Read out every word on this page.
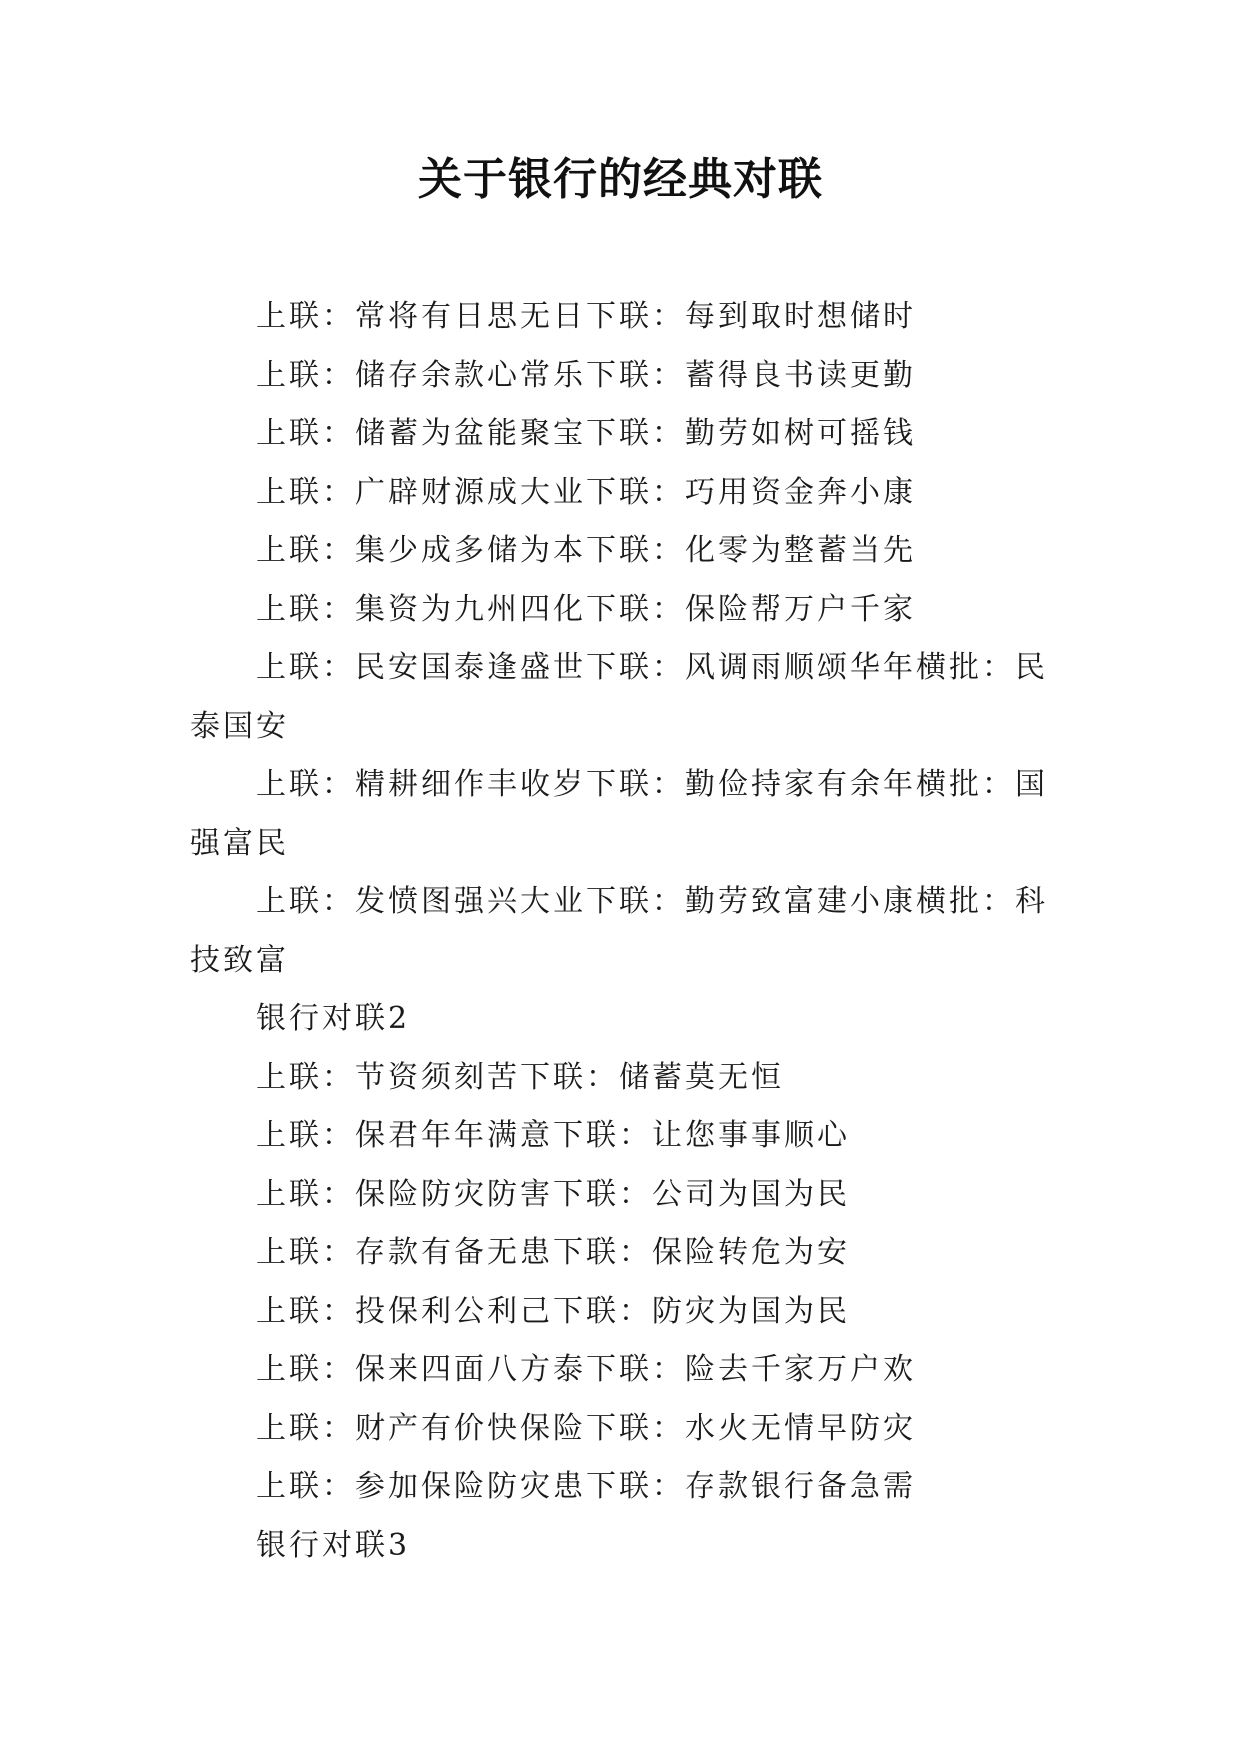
关于银行的经典对联

上联：常将有日思无日下联：每到取时想储时

上联：储存余款心常乐下联：蓄得良书读更勤

上联：储蓄为盆能聚宝下联：勤劳如树可摇钱

上联：广辟财源成大业下联：巧用资金奔小康

上联：集少成多储为本下联：化零为整蓄当先

上联：集资为九州四化下联：保险帮万户千家

上联：民安国泰逢盛世下联：风调雨顺颂华年横批：民泰国安

上联：精耕细作丰收岁下联：勤俭持家有余年横批：国强富民

上联：发愤图强兴大业下联：勤劳致富建小康横批：科技致富

银行对联2

上联：节资须刻苦下联：储蓄莫无恒

上联：保君年年满意下联：让您事事顺心

上联：保险防灾防害下联：公司为国为民

上联：存款有备无患下联：保险转危为安

上联：投保利公利己下联：防灾为国为民

上联：保来四面八方泰下联：险去千家万户欢

上联：财产有价快保险下联：水火无情早防灾

上联：参加保险防灾患下联：存款银行备急需

银行对联3
